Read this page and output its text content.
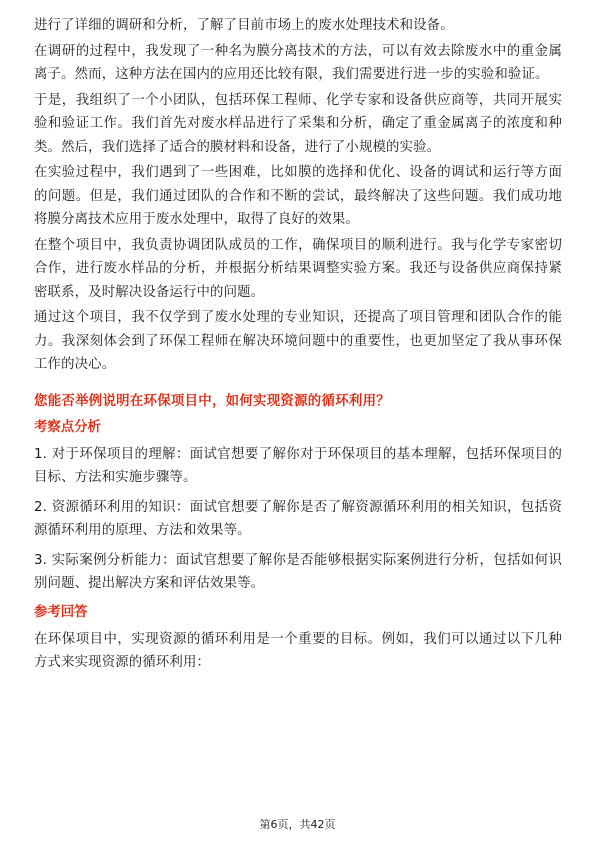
进行了详细的调研和分析，了解了目前市场上的废水处理技术和设备。

在调研的过程中，我发现了一种名为膜分离技术的方法，可以有效去除废水中的重金属离子。然而，这种方法在国内的应用还比较有限，我们需要进行进一步的实验和验证。

于是，我组织了一个小团队，包括环保工程师、化学专家和设备供应商等，共同开展实验和验证工作。我们首先对废水样品进行了采集和分析，确定了重金属离子的浓度和种类。然后，我们选择了适合的膜材料和设备，进行了小规模的实验。

在实验过程中，我们遇到了一些困难，比如膜的选择和优化、设备的调试和运行等方面的问题。但是，我们通过团队的合作和不断的尝试，最终解决了这些问题。我们成功地将膜分离技术应用于废水处理中，取得了良好的效果。

在整个项目中，我负责协调团队成员的工作，确保项目的顺利进行。我与化学专家密切合作，进行废水样品的分析，并根据分析结果调整实验方案。我还与设备供应商保持紧密联系，及时解决设备运行中的问题。

通过这个项目，我不仅学到了废水处理的专业知识，还提高了项目管理和团队合作的能力。我深刻体会到了环保工程师在解决环境问题中的重要性，也更加坚定了我从事环保工作的决心。

您能否举例说明在环保项目中，如何实现资源的循环利用？
考察点分析

1. 对于环保项目的理解：面试官想要了解你对于环保项目的基本理解，包括环保项目的目标、方法和实施步骤等。

2. 资源循环利用的知识：面试官想要了解你是否了解资源循环利用的相关知识，包括资源循环利用的原理、方法和效果等。

3. 实际案例分析能力：面试官想要了解你是否能够根据实际案例进行分析，包括如何识别问题、提出解决方案和评估效果等。

参考回答

在环保项目中，实现资源的循环利用是一个重要的目标。例如，我们可以通过以下几种方式来实现资源的循环利用：

第6页，共42页
